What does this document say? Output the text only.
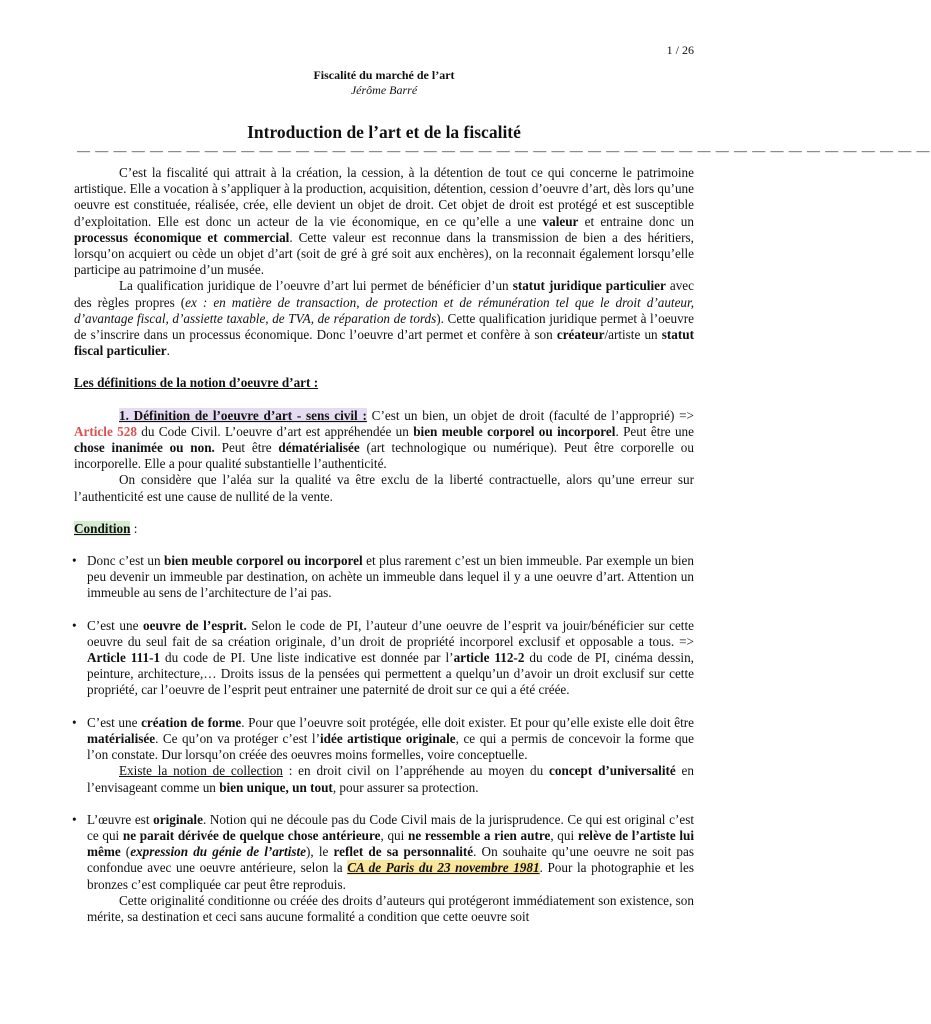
1 / 26
Fiscalité du marché de l’art
Jérôme Barré
Introduction de l’art et de la fiscalité
— — — — — — — — — — — — — — — — — — — — — — — — — — — — — — — — — — — — — — — — — — — — — — —

C’est la fiscalité qui attrait à la création, la cession, à la détention de tout ce qui concerne le patrimoine artistique. Elle a vocation à s’appliquer à la production, acquisition, détention, cession d’oeuvre d’art, dès lors qu’une oeuvre est constituée, réalisée, crée, elle devient un objet de droit. Cet objet de droit est protégé et est susceptible d’exploitation. Elle est donc un acteur de la vie économique, en ce qu’elle a une valeur et entraine donc un processus économique et commercial. Cette valeur est reconnue dans la transmission de bien a des héritiers, lorsqu’on acquiert ou cède un objet d’art (soit de gré à gré soit aux enchères), on la reconnait également lorsqu’elle participe au patrimoine d’un musée.

La qualification juridique de l’oeuvre d’art lui permet de bénéficier d’un statut juridique particulier avec des règles propres (ex : en matière de transaction, de protection et de rémunération tel que le droit d’auteur, d’avantage fiscal, d’assiette taxable, de TVA, de réparation de tords). Cette qualification juridique permet à l’oeuvre de s’inscrire dans un processus économique. Donc l’oeuvre d’art permet et confère à son créateur/artiste un statut fiscal particulier.

Les définitions de la notion d’oeuvre d’art :

1. Définition de l’oeuvre d’art - sens civil : C’est un bien, un objet de droit (faculté de l’approprié) => Article 528 du Code Civil. L’oeuvre d’art est appréhendée un bien meuble corporel ou incorporel. Peut être une chose inanimée ou non. Peut être dématérialisée (art technologique ou numérique). Peut être corporelle ou incorporelle. Elle a pour qualité substantielle l’authenticité.

On considère que l’aléa sur la qualité va être exclu de la liberté contractuelle, alors qu’une erreur sur l’authenticité est une cause de nullité de la vente.

Condition :

• Donc c’est un bien meuble corporel ou incorporel et plus rarement c’est un bien immeuble. Par exemple un bien peu devenir un immeuble par destination, on achète un immeuble dans lequel il y a une oeuvre d’art. Attention un immeuble au sens de l’architecture de l’ai pas.

• C’est une oeuvre de l’esprit. Selon le code de PI, l’auteur d’une oeuvre de l’esprit va jouir/bénéficier sur cette oeuvre du seul fait de sa création originale, d’un droit de propriété incorporel exclusif et opposable a tous. => Article 111-1 du code de PI. Une liste indicative est donnée par l’article 112-2 du code de PI, cinéma dessin, peinture, architecture,… Droits issus de la pensées qui permettent a quelqu’un d’avoir un droit exclusif sur cette propriété, car l’oeuvre de l’esprit peut entrainer une paternité de droit sur ce qui a été créée.

• C’est une création de forme. Pour que l’oeuvre soit protégée, elle doit exister. Et pour qu’elle existe elle doit être matérialisée. Ce qu’on va protéger c’est l’idée artistique originale, ce qui a permis de concevoir la forme que l’on constate. Dur lorsqu’on créée des oeuvres moins formelles, voire conceptuelle.

Existe la notion de collection : en droit civil on l’appréhende au moyen du concept d’universalité en l’envisageant comme un bien unique, un tout, pour assurer sa protection.

• L’œuvre est originale. Notion qui ne découle pas du Code Civil mais de la jurisprudence. Ce qui est original c’est ce qui ne parait dérivée de quelque chose antérieure, qui ne ressemble a rien autre, qui relève de l’artiste lui même (expression du génie de l’artiste), le reflet de sa personnalité. On souhaite qu’une oeuvre ne soit pas confondue avec une oeuvre antérieure, selon la CA de Paris du 23 novembre 1981. Pour la photographie et les bronzes c’est compliquée car peut être reproduis.

Cette originalité conditionne ou créée des droits d’auteurs qui protégeront immédiatement son existence, son mérite, sa destination et ceci sans aucune formalité a condition que cette oeuvre soit
